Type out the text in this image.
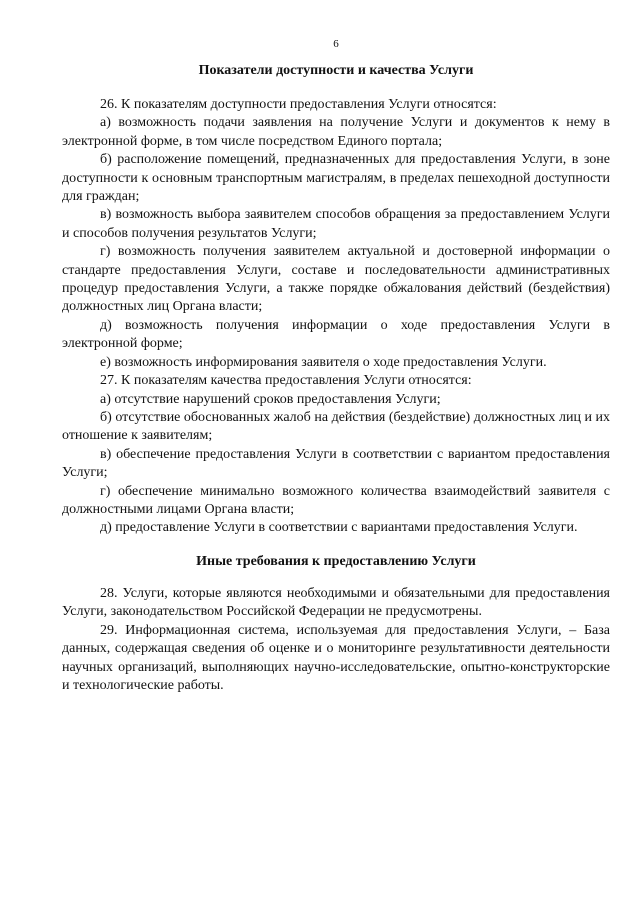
6
Показатели доступности и качества Услуги

26. К показателям доступности предоставления Услуги относятся:

а) возможность подачи заявления на получение Услуги и документов к нему в электронной форме, в том числе посредством Единого портала;

б) расположение помещений, предназначенных для предоставления Услуги, в зоне доступности к основным транспортным магистралям, в пределах пешеходной доступности для граждан;

в) возможность выбора заявителем способов обращения за предоставлением Услуги и способов получения результатов Услуги;

г) возможность получения заявителем актуальной и достоверной информации о стандарте предоставления Услуги, составе и последовательности административных процедур предоставления Услуги, а также порядке обжалования действий (бездействия) должностных лиц Органа власти;

д) возможность получения информации о ходе предоставления Услуги в электронной форме;

е) возможность информирования заявителя о ходе предоставления Услуги.

27. К показателям качества предоставления Услуги относятся:

а) отсутствие нарушений сроков предоставления Услуги;

б) отсутствие обоснованных жалоб на действия (бездействие) должностных лиц и их отношение к заявителям;

в) обеспечение предоставления Услуги в соответствии с вариантом предоставления Услуги;

г) обеспечение минимально возможного количества взаимодействий заявителя с должностными лицами Органа власти;

д) предоставление Услуги в соответствии с вариантами предоставления Услуги.

Иные требования к предоставлению Услуги

28. Услуги, которые являются необходимыми и обязательными для предоставления Услуги, законодательством Российской Федерации не предусмотрены.

29. Информационная система, используемая для предоставления Услуги, – База данных, содержащая сведения об оценке и о мониторинге результативности деятельности научных организаций, выполняющих научно-исследовательские, опытно-конструкторские и технологические работы.
